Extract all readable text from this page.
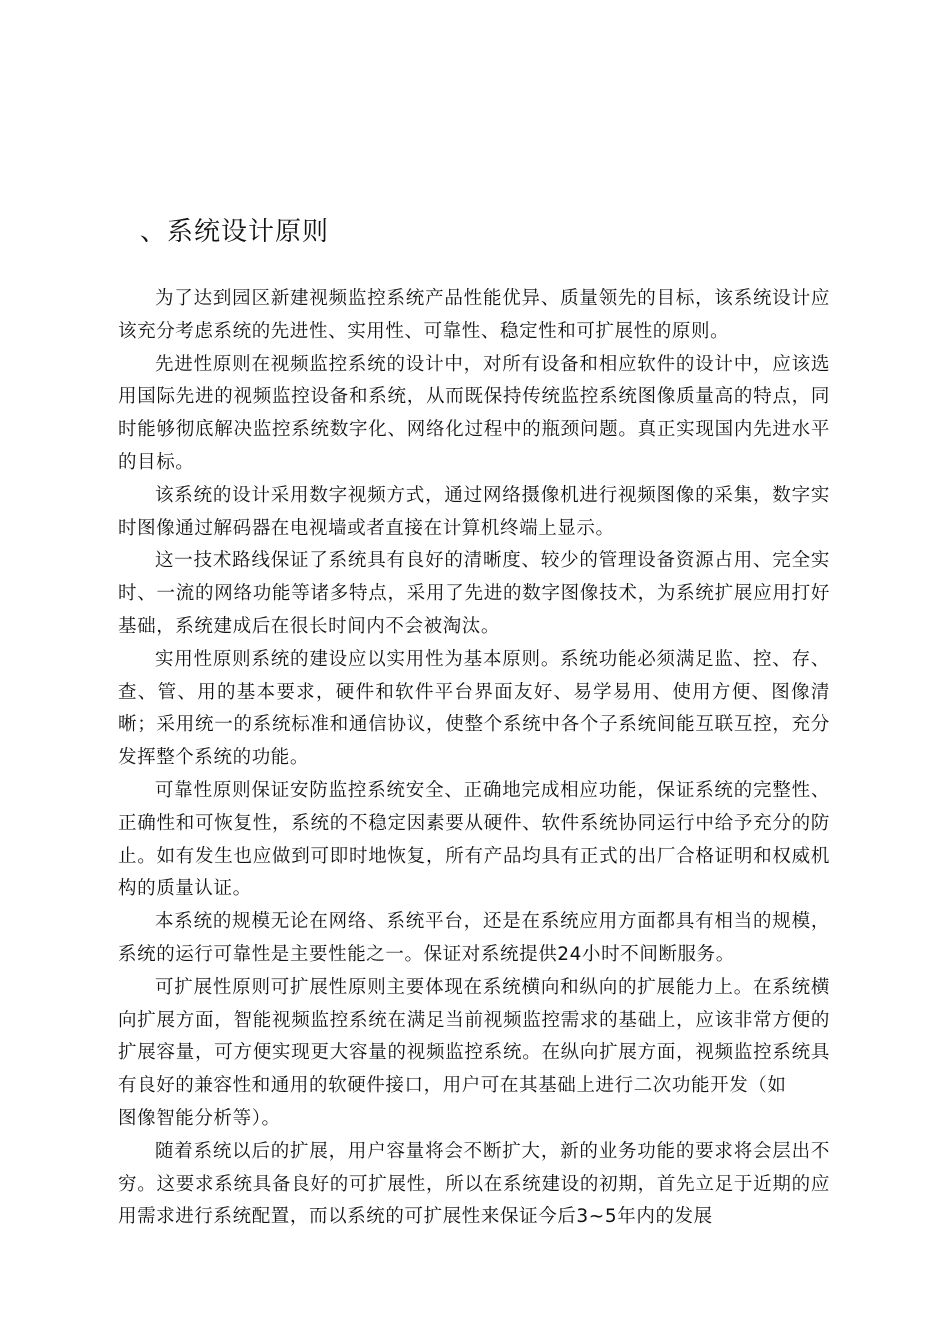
、系统设计原则

为了达到园区新建视频监控系统产品性能优异、质量领先的目标，该系统设计应该充分考虑系统的先进性、实用性、可靠性、稳定性和可扩展性的原则。

先进性原则在视频监控系统的设计中，对所有设备和相应软件的设计中，应该选用国际先进的视频监控设备和系统，从而既保持传统监控系统图像质量高的特点，同时能够彻底解决监控系统数字化、网络化过程中的瓶颈问题。真正实现国内先进水平的目标。

该系统的设计采用数字视频方式，通过网络摄像机进行视频图像的采集，数字实时图像通过解码器在电视墙或者直接在计算机终端上显示。

这一技术路线保证了系统具有良好的清晰度、较少的管理设备资源占用、完全实时、一流的网络功能等诸多特点，采用了先进的数字图像技术，为系统扩展应用打好基础，系统建成后在很长时间内不会被淘汰。

实用性原则系统的建设应以实用性为基本原则。系统功能必须满足监、控、存、查、管、用的基本要求，硬件和软件平台界面友好、易学易用、使用方便、图像清晰；采用统一的系统标准和通信协议，使整个系统中各个子系统间能互联互控，充分发挥整个系统的功能。

可靠性原则保证安防监控系统安全、正确地完成相应功能，保证系统的完整性、正确性和可恢复性，系统的不稳定因素要从硬件、软件系统协同运行中给予充分的防止。如有发生也应做到可即时地恢复，所有产品均具有正式的出厂合格证明和权威机构的质量认证。

本系统的规模无论在网络、系统平台，还是在系统应用方面都具有相当的规模，系统的运行可靠性是主要性能之一。保证对系统提供24小时不间断服务。

可扩展性原则可扩展性原则主要体现在系统横向和纵向的扩展能力上。在系统横向扩展方面，智能视频监控系统在满足当前视频监控需求的基础上，应该非常方便的扩展容量，可方便实现更大容量的视频监控系统。在纵向扩展方面，视频监控系统具有良好的兼容性和通用的软硬件接口，用户可在其基础上进行二次功能开发（如

图像智能分析等）。

随着系统以后的扩展，用户容量将会不断扩大，新的业务功能的要求将会层出不穷。这要求系统具备良好的可扩展性，所以在系统建设的初期，首先立足于近期的应用需求进行系统配置，而以系统的可扩展性来保证今后3~5年内的发展
